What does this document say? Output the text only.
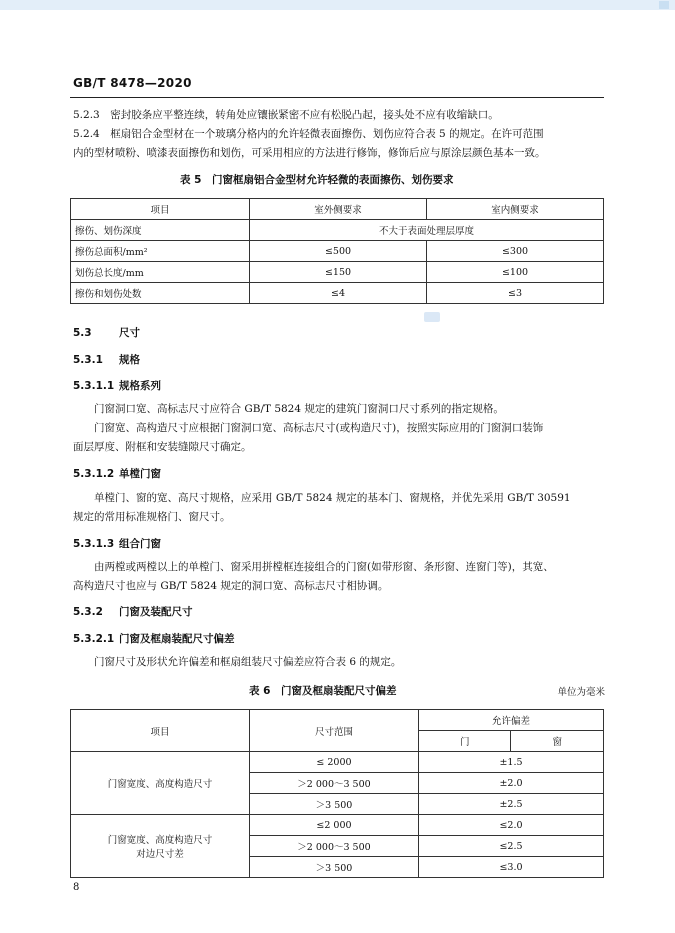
GB/T 8478—2020
5.2.3　密封胶条应平整连续，转角处应镶嵌紧密不应有松脱凸起，接头处不应有收缩缺口。
5.2.4　框扇铝合金型材在一个玻璃分格内的允许轻微表面擦伤、划伤应符合表 5 的规定。在许可范围
内的型材喷粉、喷漆表面擦伤和划伤，可采用相应的方法进行修饰，修饰后应与原涂层颜色基本一致。
表 5　门窗框扇铝合金型材允许轻微的表面擦伤、划伤要求
项目	室外侧要求	室内侧要求
擦伤、划伤深度	不大于表面处理层厚度	
擦伤总面积/mm²	≤500	≤300
划伤总长度/mm	≤150	≤100
擦伤和划伤处数	≤4	≤3
5.3	尺寸
5.3.1 规格
5.3.1.1 规格系列
门窗洞口宽、高标志尺寸应符合 GB/T 5824 规定的建筑门窗洞口尺寸系列的指定规格。
门窗宽、高构造尺寸应根据门窗洞口宽、高标志尺寸(或构造尺寸)，按照实际应用的门窗洞口装饰
面层厚度、附框和安装缝隙尺寸确定。
5.3.1.2 单樘门窗
单樘门、窗的宽、高尺寸规格，应采用 GB/T 5824 规定的基本门、窗规格，并优先采用 GB/T 30591
规定的常用标准规格门、窗尺寸。
5.3.1.3 组合门窗
由两樘或两樘以上的单樘门、窗采用拼樘框连接组合的门窗(如带形窗、条形窗、连窗门等)，其宽、
高构造尺寸也应与 GB/T 5824 规定的洞口宽、高标志尺寸相协调。
5.3.2 门窗及装配尺寸
5.3.2.1 门窗及框扇装配尺寸偏差
门窗尺寸及形状允许偏差和框扇组装尺寸偏差应符合表 6 的规定。
表 6　门窗及框扇装配尺寸偏差	单位为毫米
项目	尺寸范围	允许偏差	
		门	窗
门窗宽度、高度构造尺寸	≤ 2000	±1.5	
	＞2 000～3 500	±2.0	
	＞3 500	±2.5	

门窗宽度、高度构造尺寸
对边尺寸差	≤2 000	≤2.0	
	＞2 000～3 500	≤2.5	
	＞3 500	≤3.0	
8
